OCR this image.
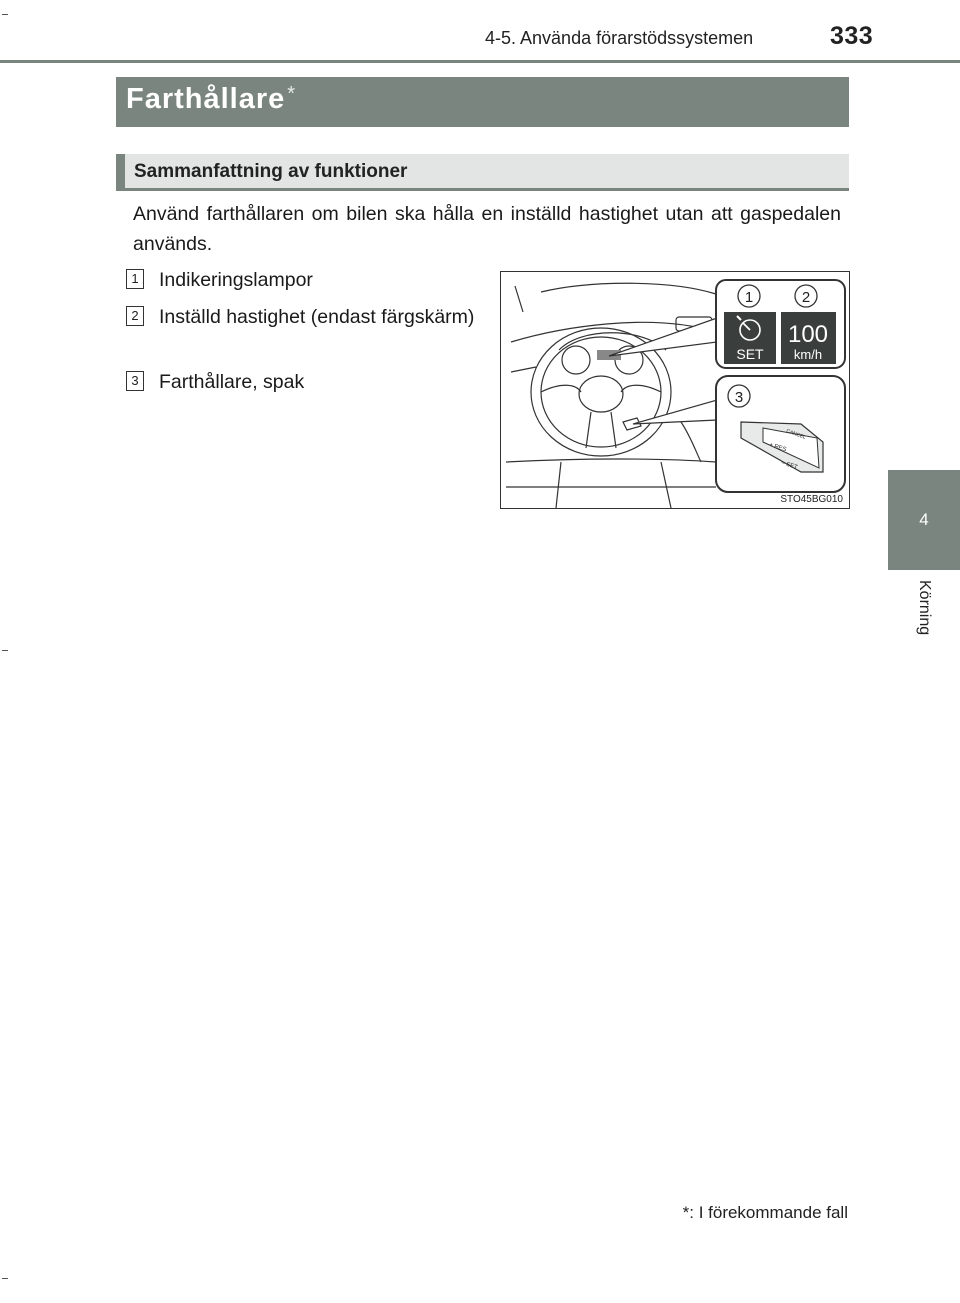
4-5. Använda förarstödssystemen	333
4
Körning
Farthållare *
Sammanfattning av funktioner
Använd farthållaren om bilen ska hålla en inställd hastighet utan att gaspedalen används.
1 Indikeringslampor
2 Inställd hastighet (endast färgskärm)
3 Farthållare, spak
1	2
SET
100
km/h
3
+ RES
– SET
CANCEL
STO45BG010
*: I förekommande fall
